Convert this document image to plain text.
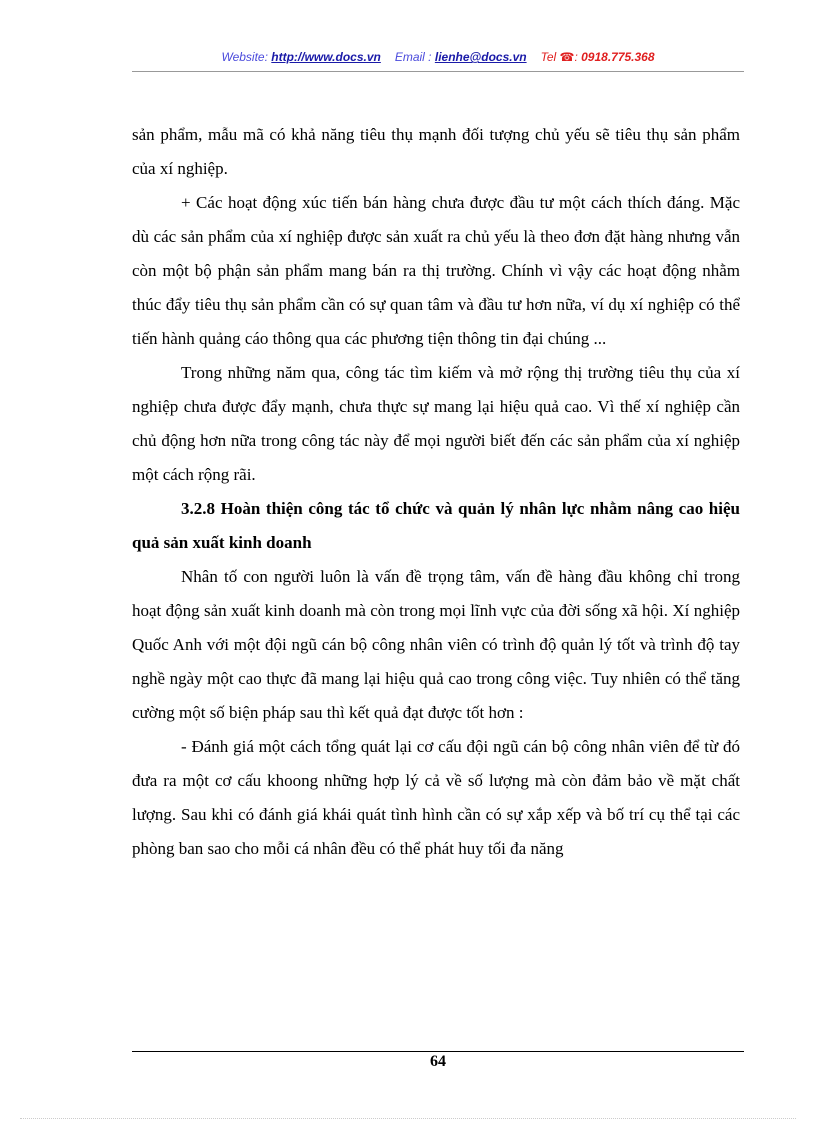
Website: http://www.docs.vn Email : lienhe@docs.vn Tel ☎: 0918.775.368

sản phẩm, mẫu mã có khả năng tiêu thụ mạnh đối tượng chủ yếu sẽ tiêu thụ sản phẩm của xí nghiệp.

+ Các hoạt động xúc tiến bán hàng chưa được đầu tư một cách thích đáng. Mặc dù các sản phẩm của xí nghiệp được sản xuất ra chủ yếu là theo đơn đặt hàng nhưng vẫn còn một bộ phận sản phẩm mang bán ra thị trường. Chính vì vậy các hoạt động nhằm thúc đẩy tiêu thụ sản phẩm cần có sự quan tâm và đầu tư hơn nữa, ví dụ xí nghiệp có thể tiến hành quảng cáo thông qua các phương tiện thông tin đại chúng ...

Trong những năm qua, công tác tìm kiếm và mở rộng thị trường tiêu thụ của xí nghiệp chưa được đẩy mạnh, chưa thực sự mang lại hiệu quả cao. Vì thế xí nghiệp cần chủ động hơn nữa trong công tác này để mọi người biết đến các sản phẩm của xí nghiệp một cách rộng rãi.

3.2.8 Hoàn thiện công tác tổ chức và quản lý nhân lực nhằm nâng cao hiệu quả sản xuất kinh doanh

Nhân tố con người luôn là vấn đề trọng tâm, vấn đề hàng đầu không chỉ trong hoạt động sản xuất kinh doanh mà còn trong mọi lĩnh vực của đời sống xã hội. Xí nghiệp Quốc Anh với một đội ngũ cán bộ công nhân viên có trình độ quản lý tốt và trình độ tay nghề ngày một cao thực đã mang lại hiệu quả cao trong công việc. Tuy nhiên có thể tăng cường một số biện pháp sau thì kết quả đạt được tốt hơn :

- Đánh giá một cách tổng quát lại cơ cấu đội ngũ cán bộ công nhân viên để từ đó đưa ra một cơ cấu khoong những hợp lý cả về số lượng mà còn đảm bảo về mặt chất lượng. Sau khi có đánh giá khái quát tình hình cần có sự xắp xếp và bố trí cụ thể tại các phòng ban sao cho mỗi cá nhân đều có thể phát huy tối đa năng

64
